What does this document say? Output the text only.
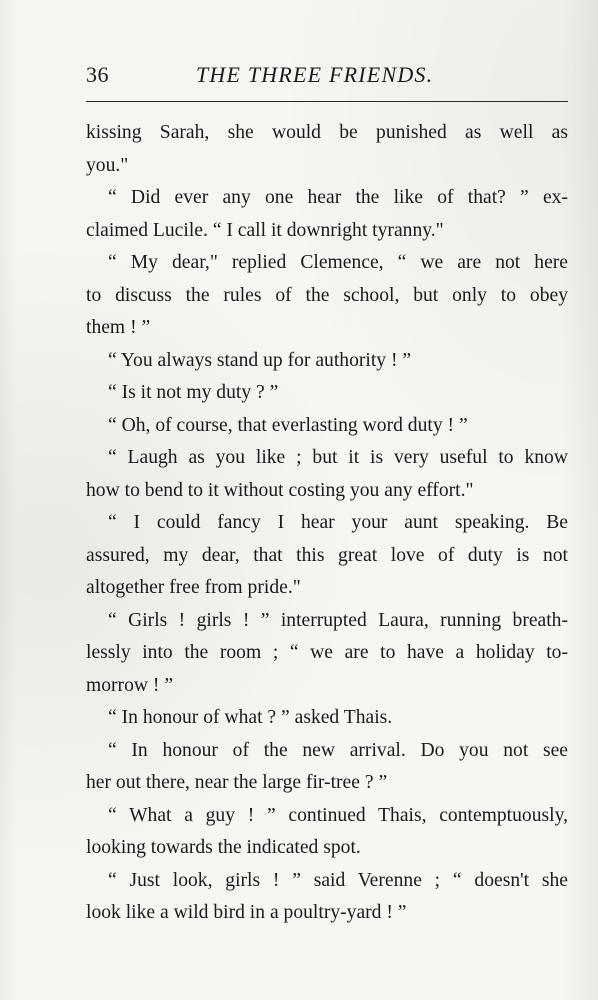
36	THE THREE FRIENDS.
kissing Sarah, she would be punished as well as
you."
“ Did ever any one hear the like of that? ” ex-
claimed Lucile. “ I call it downright tyranny."
“ My dear," replied Clemence, “ we are not here
to discuss the rules of the school, but only to obey
them ! ”
“ You always stand up for authority ! ”
“ Is it not my duty ? ”
“ Oh, of course, that everlasting word duty ! ”
“ Laugh as you like ; but it is very useful to know
how to bend to it without costing you any effort."
“ I could fancy I hear your aunt speaking. Be
assured, my dear, that this great love of duty is not
altogether free from pride."
“ Girls ! girls ! ” interrupted Laura, running breath-
lessly into the room ; “ we are to have a holiday to-
morrow ! ”
“ In honour of what ? ” asked Thais.
“ In honour of the new arrival. Do you not see
her out there, near the large fir-tree ? ”
“ What a guy ! ” continued Thais, contemptuously,
looking towards the indicated spot.
“ Just look, girls ! ” said Verenne ; “ doesn't she
look like a wild bird in a poultry-yard ! ”
